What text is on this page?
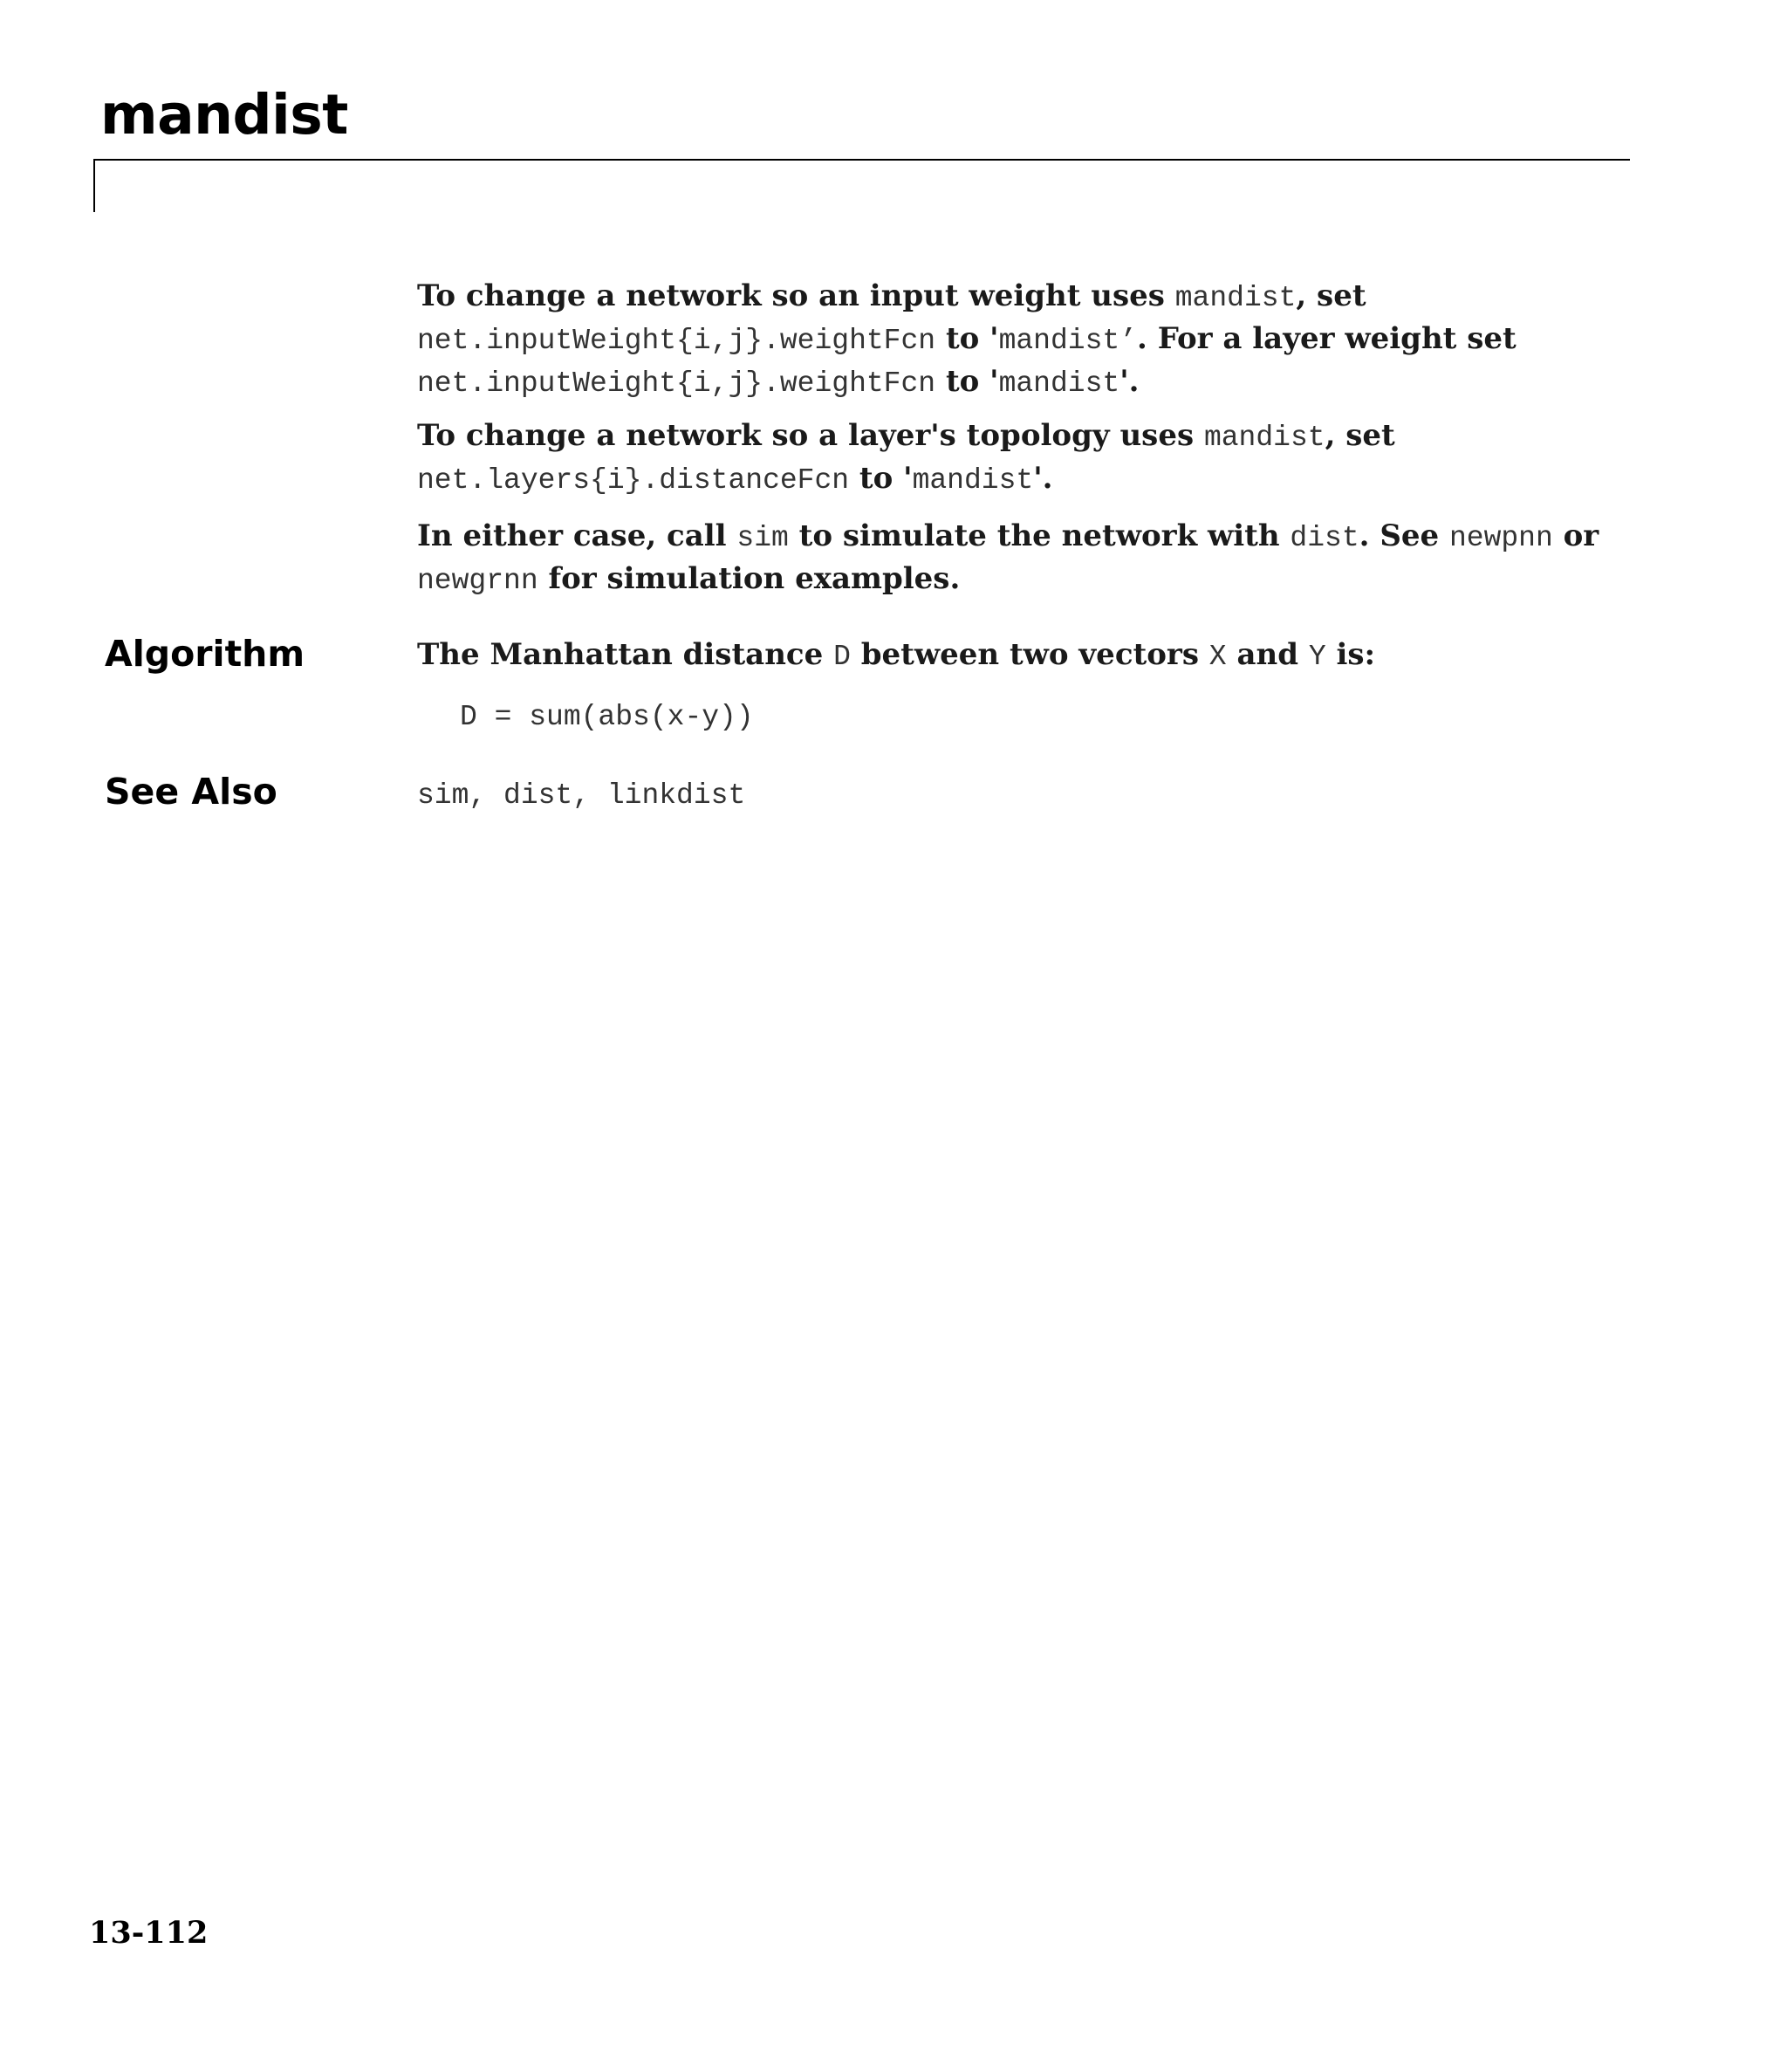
mandist
To change a network so an input weight uses mandist, set
net.inputWeight{i,j}.weightFcn to 'mandist’. For a layer weight set
net.inputWeight{i,j}.weightFcn to 'mandist'.
To change a network so a layer's topology uses mandist, set
net.layers{i}.distanceFcn to 'mandist'.
In either case, call sim to simulate the network with dist. See newpnn or
newgrnn for simulation examples.
Algorithm	The Manhattan distance D between two vectors X and Y is:
D = sum(abs(x-y))
See Also	sim, dist, linkdist
13-112
